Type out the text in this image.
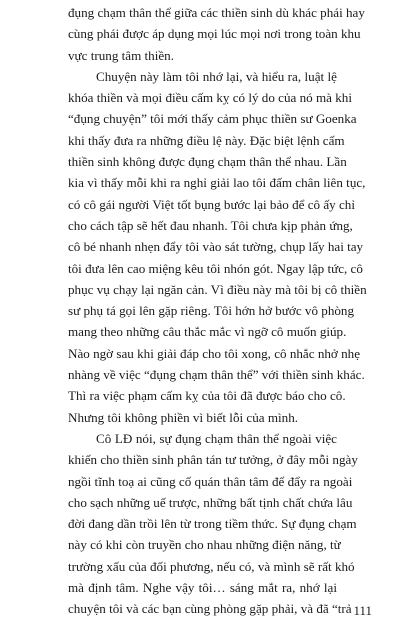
đụng chạm thân thể giữa các thiền sinh dù khác phái hay
cùng phái được áp dụng mọi lúc mọi nơi trong toàn khu
vực trung tâm thiền.
Chuyện này làm tôi nhớ lại, và hiểu ra, luật lệ
khóa thiền và mọi điều cấm kỵ có lý do của nó mà khi
“đụng chuyện” tôi mới thấy cảm phục thiền sư Goenka
khi thấy đưa ra những điều lệ này. Đặc biệt lệnh cấm
thiền sinh không được đụng chạm thân thể nhau. Lần
kia vì thấy mỗi khi ra nghỉ giải lao tôi đấm chân liên tục,
có cô gái người Việt tốt bụng bước lại bảo để cô ấy chỉ
cho cách tập sẽ hết đau nhanh. Tôi chưa kịp phản ứng,
cô bé nhanh nhẹn đẩy tôi vào sát tường, chụp lấy hai tay
tôi đưa lên cao miệng kêu tôi nhón gót. Ngay lập tức, cô
phục vụ chạy lại ngăn cản. Vì điều này mà tôi bị cô thiền
sư phụ tá gọi lên gặp riêng. Tôi hớn hở bước vô phòng
mang theo những câu thắc mắc vì ngỡ cô muốn giúp.
Nào ngờ sau khi giải đáp cho tôi xong, cô nhắc nhở nhẹ
nhàng về việc “đụng chạm thân thể” với thiền sinh khác.
Thì ra việc phạm cấm kỵ của tôi đã được báo cho cô.
Nhưng tôi không phiền vì biết lỗi của mình.
Cô LĐ nói, sự đụng chạm thân thể ngoài việc
khiến cho thiền sinh phân tán tư tưởng, ở đây mỗi ngày
ngồi tĩnh toạ ai cũng cố quán thân tâm để đẩy ra ngoài
cho sạch những uế trược, những bất tịnh chất chứa lâu
đời đang dần trồi lên từ trong tiềm thức. Sự đụng chạm
này có khi còn truyền cho nhau những điện năng, từ
trường xấu của đối phương, nếu có, và mình sẽ rất khó
mà định tâm. Nghe vậy tôi… sáng mắt ra, nhớ lại
chuyện tôi và các bạn cùng phòng gặp phải, và đã “trả 111
